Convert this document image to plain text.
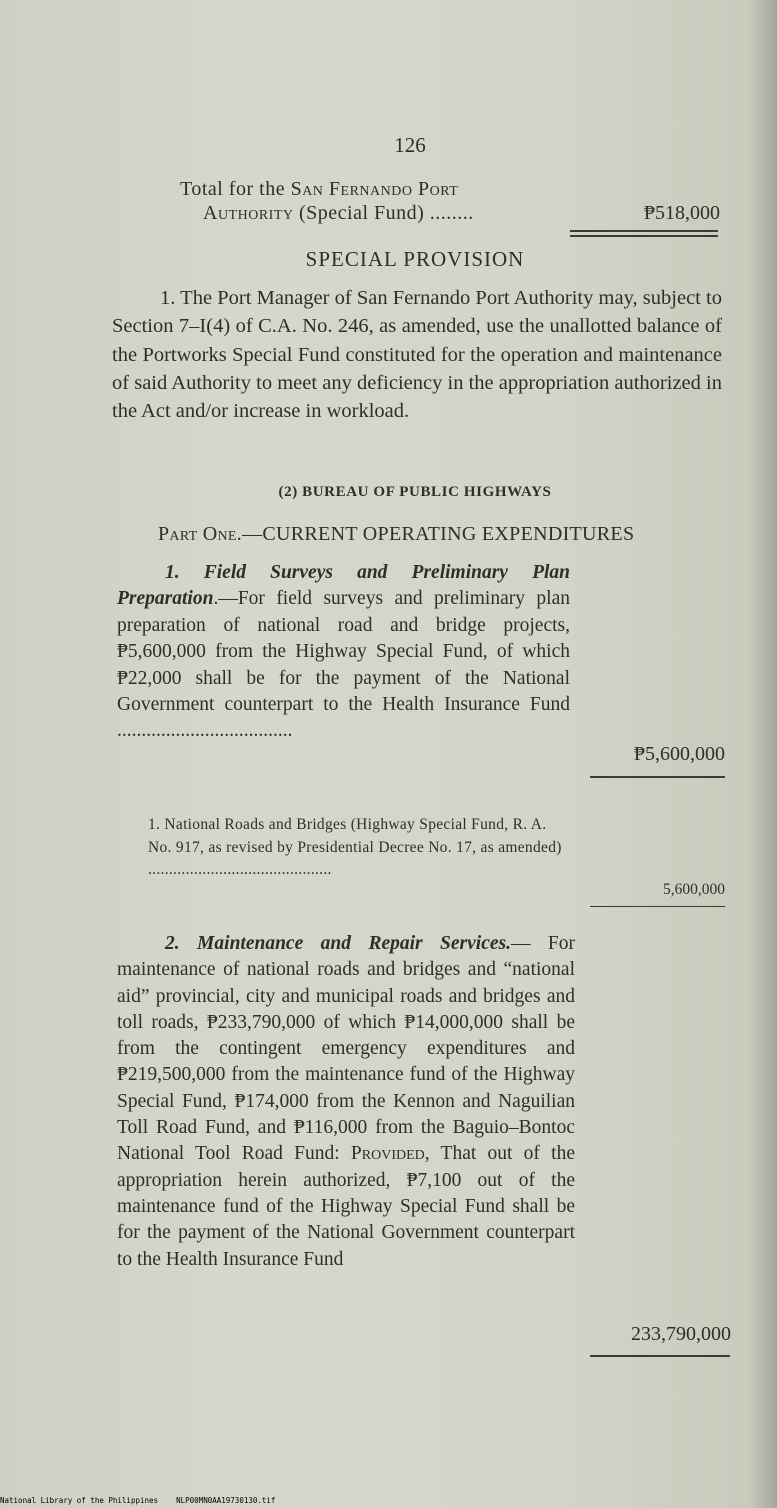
126
Total for the San Fernando Port
Authority (Special Fund) ........	₱518,000
SPECIAL PROVISION

1. The Port Manager of San Fernando Port Authority may, subject to Section 7–I(4) of C.A. No. 246, as amended, use the unallotted balance of the Portworks Special Fund constituted for the operation and maintenance of said Authority to meet any deficiency in the appropriation authorized in the Act and/or increase in workload.

(2) BUREAU OF PUBLIC HIGHWAYS
Part One.—CURRENT OPERATING EXPENDITURES

1. Field Surveys and Preliminary Plan Preparation.—For field surveys and preliminary plan preparation of national road and bridge projects, ₱5,600,000 from the Highway Special Fund, of which ₱22,000 shall be for the payment of the National Government counterpart to the Health Insurance Fund ....................................

₱5,600,000

1. National Roads and Bridges (Highway Special Fund, R. A. No. 917, as revised by Presidential Decree No. 17, as amended) ............................................

5,600,000

2. Maintenance and Repair Services.— For maintenance of national roads and bridges and “national aid” provincial, city and municipal roads and bridges and toll roads, ₱233,790,000 of which ₱14,000,000 shall be from the contingent emergency expenditures and ₱219,500,000 from the maintenance fund of the Highway Special Fund, ₱174,000 from the Kennon and Naguilian Toll Road Fund, and ₱116,000 from the Baguio–Bontoc National Tool Road Fund: Provided, That out of the appropriation herein authorized, ₱7,100 out of the maintenance fund of the Highway Special Fund shall be for the payment of the National Government counterpart to the Health Insurance Fund

233,790,000
National Library of the Philippines NLP00MN0AA19730130.tif
